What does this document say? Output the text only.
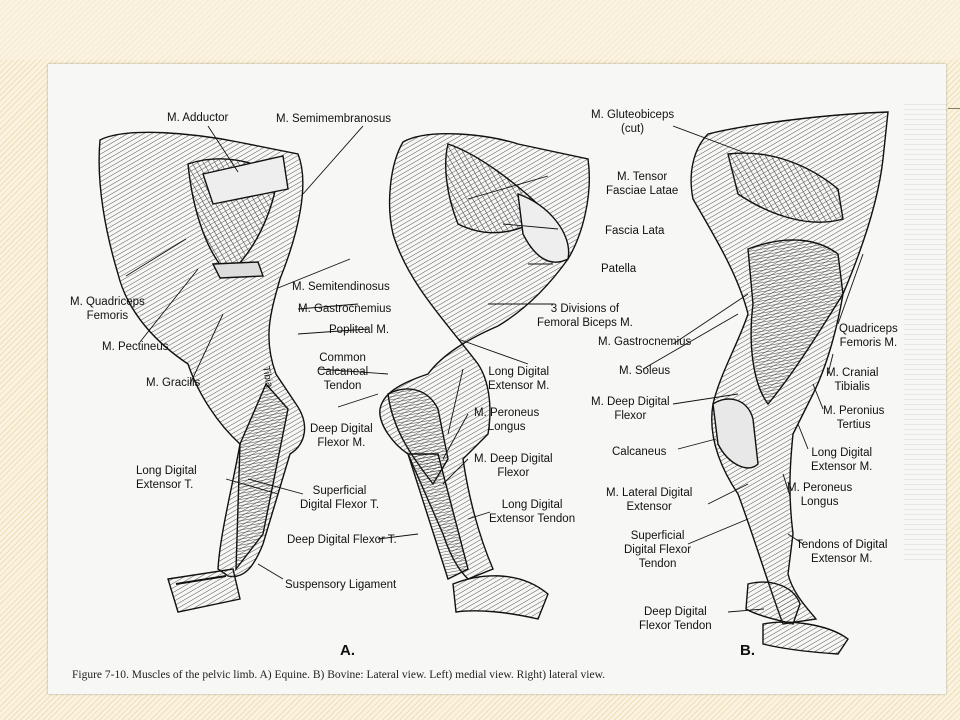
M. Adductor	M. Semimembranosus
M. Quadriceps
Femoris
M. Pectineus
M. Gracilis	Tibia
Long Digital
Extensor T.
M. Semitendinosus
M. Gastrocnemius
Popliteal M.
Common
Calcaneal
Tendon
Deep Digital
Flexor M.
Superficial
Digital Flexor T.
Deep Digital Flexor T.
Suspensory Ligament
M. Tensor
Fasciae Latae
Fascia Lata
Patella
3 Divisions of
Femoral Biceps M.
Long Digital
Extensor M.
M. Peroneus
Longus
M. Deep Digital
Flexor
Long Digital
Extensor Tendon
M. Gluteobiceps
(cut)
M. Gastrocnemius
M. Soleus
M. Deep Digital
Flexor
Calcaneus
M. Lateral Digital
Extensor
Superficial
Digital Flexor
Tendon
Deep Digital
Flexor Tendon
Quadriceps
Femoris M.
M. Cranial
Tibialis
M. Peronius
Tertius
Long Digital
Extensor M.
M. Peroneus
Longus
Tendons of Digital
Extensor M.
A.	B.
Figure 7-10. Muscles of the pelvic limb. A) Equine. B) Bovine: Lateral view. Left) medial view. Right) lateral view.
